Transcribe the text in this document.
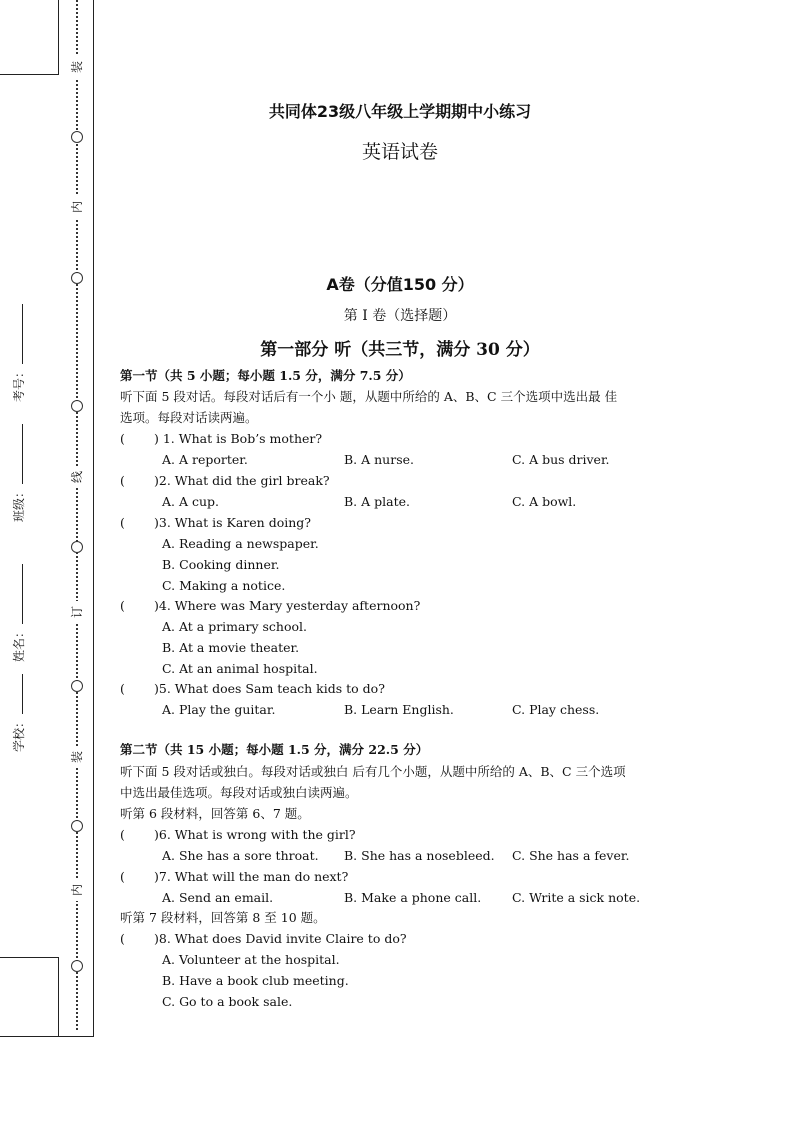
装
内
线
订
装
内
考号：
班级：
姓名：
学校：
共同体23级八年级上学期期中小练习
英语试卷
A卷（分值150 分）
第 I 卷（选择题）
第一部分 听（共三节，满分 30 分）
第一节（共 5 小题；每小题 1.5 分，满分 7.5 分）
听下面 5 段对话。每段对话后有一个小 题，从题中所给的 A、B、C 三个选项中选出最 佳
选项。每段对话读两遍。
( ) 1. What is Bob’s mother?
A. A reporter.	B. A nurse.	C. A bus driver.
( )2. What did the girl break?
A. A cup.	B. A plate.	C. A bowl.
( )3. What is Karen doing?
A. Reading a newspaper.
B. Cooking dinner.
C. Making a notice.
( )4. Where was Mary yesterday afternoon?
A. At a primary school.
B. At a movie theater.
C. At an animal hospital.
( )5. What does Sam teach kids to do?
A. Play the guitar.	B. Learn English.	C. Play chess.
第二节（共 15 小题；每小题 1.5 分，满分 22.5 分）
听下面 5 段对话或独白。每段对话或独白 后有几个小题，从题中所给的 A、B、C 三个选项
中选出最佳选项。每段对话或独白读两遍。
听第 6 段材料，回答第 6、7 题。
( )6. What is wrong with the girl?
A. She has a sore throat. B. She has a nosebleed. C. She has a fever.
( )7. What will the man do next?
A. Send an email.	B. Make a phone call. C. Write a sick note.
听第 7 段材料，回答第 8 至 10 题。
( )8. What does David invite Claire to do?
A. Volunteer at the hospital.
B. Have a book club meeting.
C. Go to a book sale.
